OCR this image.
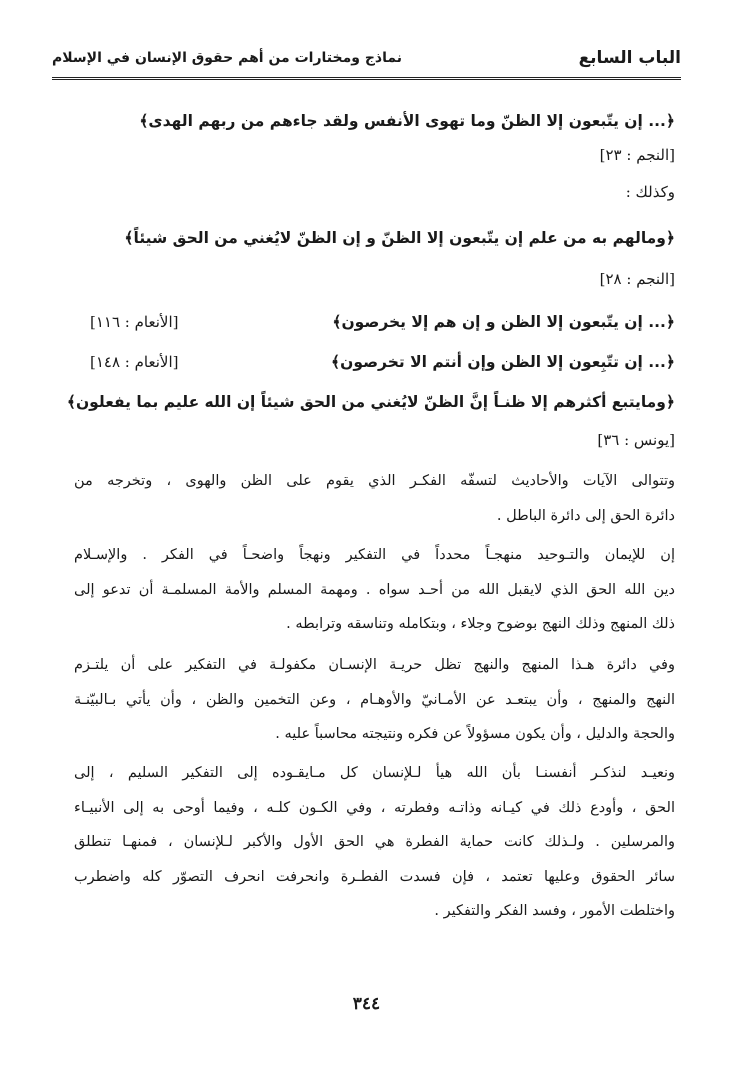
الباب السابع
نماذج ومختارات من أهم حقوق الإنسان في الإسلام
﴿... إن يتّبعون إلا الظنّ وما تهوى الأنفس ولقد جاءهم من ربهم الهدى﴾
[النجم : ٢٣]
وكذلك :
﴿ومالهم به من علم إن يتّبعون إلا الظنّ و إن الظنّ لايُغني من الحق شيئاً﴾
[النجم : ٢٨]
﴿... إن يتّبعون إلا الظن و إن هم إلا يخرصون﴾
[الأنعام : ١١٦]
﴿... إن تتّبِعون إلا الظن وإن أنتم الا تخرصون﴾
[الأنعام : ١٤٨]
﴿ومايتبع أكثرهم إلا ظنـاً إنَّ الظنّ لايُغني من الحق شيئاً إن الله عليم بما يفعلون﴾
[يونس : ٣٦]
وتتوالى الآيات والأحاديث لتسفّه الفكـر الذي يقوم على الظن والهوى ، وتخرجه من
دائرة الحق إلى دائرة الباطل .
إن للإيمان والتـوحيد منهجـاً محدداً في التفكير ونهجاً واضحـاً في الفكر . والإسـلام
دين الله الحق الذي لايقبل الله من أحـد سواه . ومهمة المسلم والأمة المسلمـة أن تدعو إلى
ذلك المنهج وذلك النهج بوضوح وجلاء ، وبتكامله وتناسقه وترابطه .
وفي دائرة هـذا المنهج والنهج تظل حريـة الإنسـان مكفولـة في التفكير على أن يلتـزم
النهج والمنهج ، وأن يبتعـد عن الأمـانيّ والأوهـام ، وعن التخمين والظن ، وأن يأتي بـالبيّنـة
والحجة والدليل ، وأن يكون مسؤولاً عن فكره ونتيجته محاسباً عليه .
ونعيـد لنذكـر أنفسنـا بأن الله هيأ لـلإنسان كل مـايقـوده إلى التفكير السليم ، إلى
الحق ، وأودع ذلك في كيـانه وذاتـه وفطرته ، وفي الكـون كلـه ، وفيما أوحى به إلى الأنبيـاء
والمرسلين . ولـذلك كانت حماية الفطرة هي الحق الأول والأكبر لـلإنسان ، فمنهـا تنطلق
سائر الحقوق وعليها تعتمد ، فإن فسدت الفطـرة وانحرفت انحرف التصوّر كله واضطرب
واختلطت الأمور ، وفسد الفكر والتفكير .
٣٤٤
